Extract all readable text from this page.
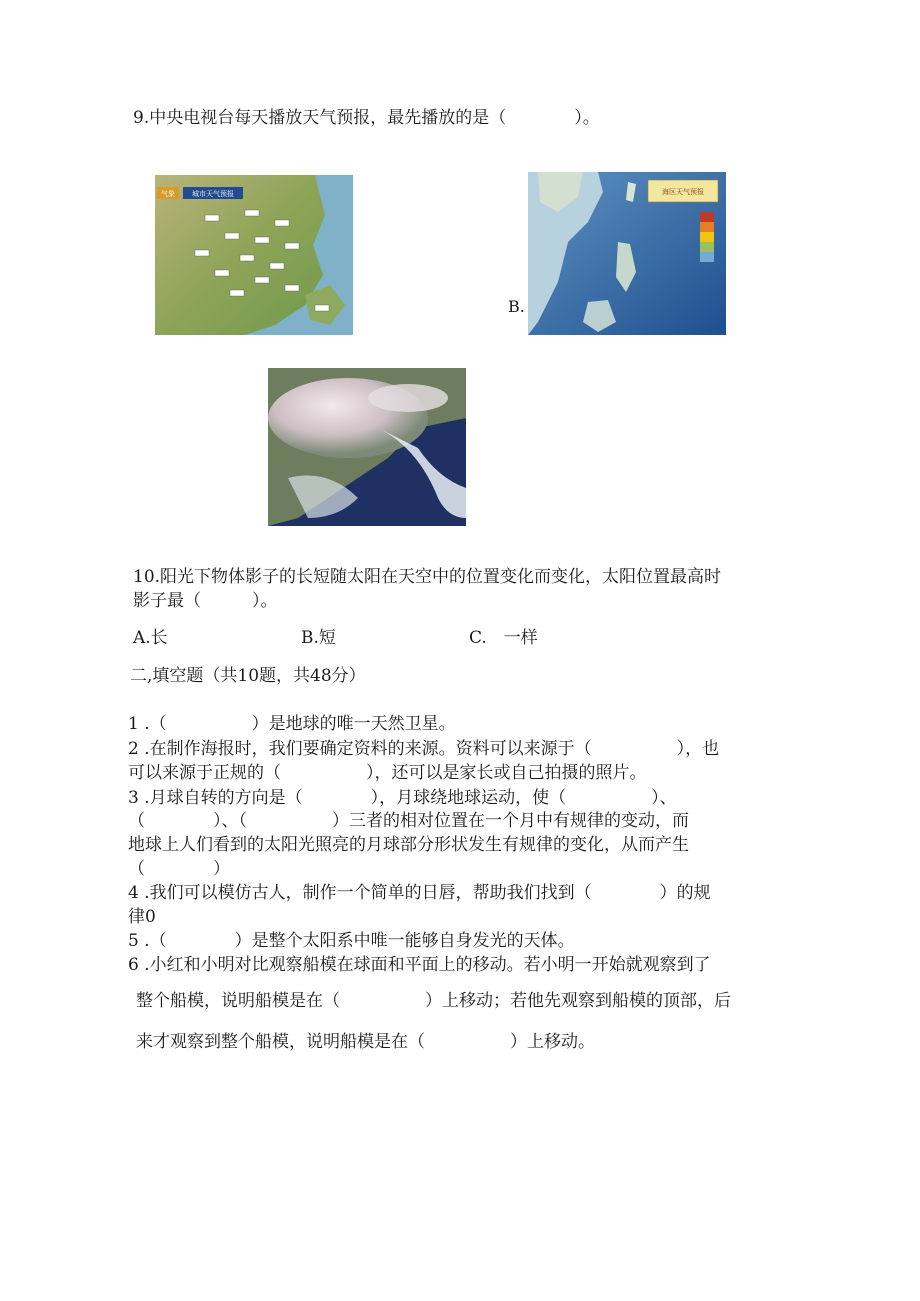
9.中央电视台每天播放天气预报，最先播放的是（　　　　）。
气象 城市天气预报
B.
海区天气预报
10.阳光下物体影子的长短随太阳在天空中的位置变化而变化，太阳位置最高时
影子最（　　　）。
A.长	B.短	C.　一样
二,填空题（共10题，共48分）
1 .（　　　　　）是地球的唯一天然卫星。
2 .在制作海报时，我们要确定资料的来源。资料可以来源于（　　　　　），也
可以来源于正规的（　　　　　），还可以是家长或自己拍摄的照片。
3 .月球自转的方向是（　　　　），月球绕地球运动，使（　　　　　）、
（　　　　）、（　　　　　）三者的相对位置在一个月中有规律的变动，而
地球上人们看到的太阳光照亮的月球部分形状发生有规律的变化，从而产生
（　　　　）
4 .我们可以模仿古人，制作一个简单的日唇，帮助我们找到（　　　　）的规
律0
5 .（　　　　）是整个太阳系中唯一能够自身发光的天体。
6 .小红和小明对比观察船模在球面和平面上的移动。若小明一开始就观察到了
整个船模，说明船模是在（　　　　　）上移动；若他先观察到船模的顶部，后
来才观察到整个船模，说明船模是在（　　　　　）上移动。
